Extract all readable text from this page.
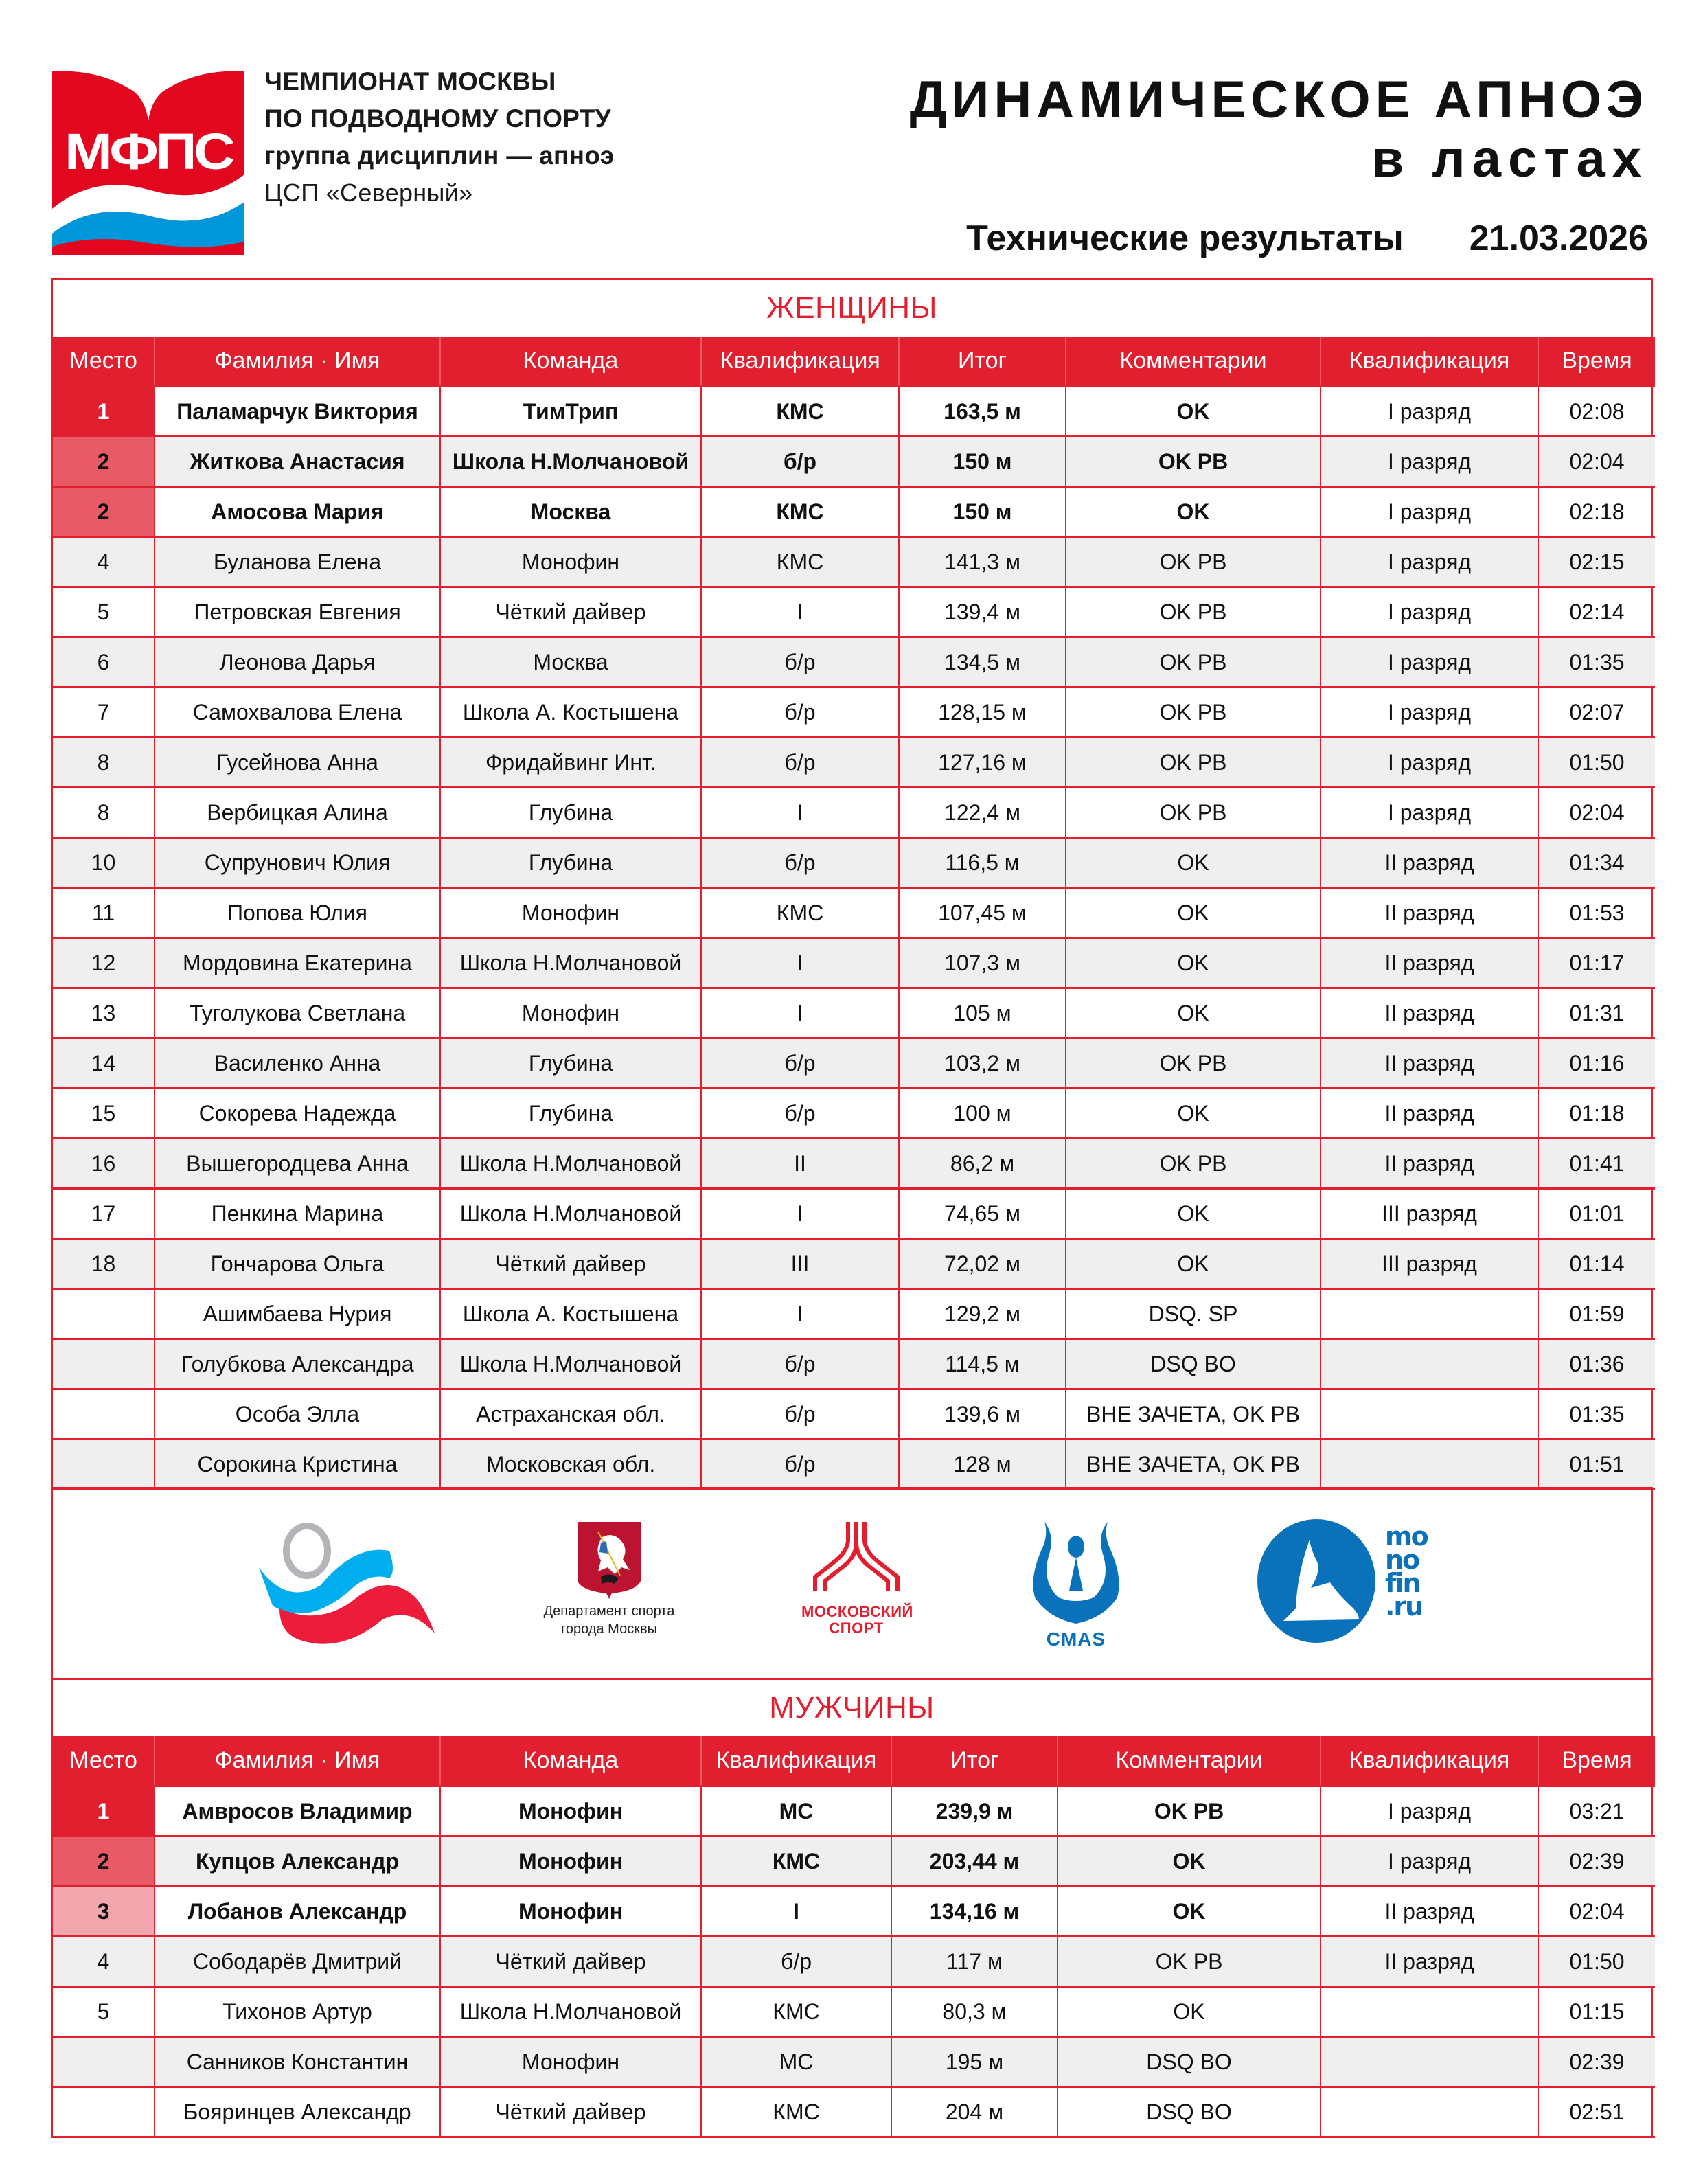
МФПС
ЧЕМПИОНАТ МОСКВЫ
ПО ПОДВОДНОМУ СПОРТУ
группа дисциплин — апноэ
ЦСП «Северный»
ДИНАМИЧЕСКОЕ АПНОЭ
в ластах
Технические результаты 21.03.2026
ЖЕНЩИНЫ
Место	Фамилия · Имя	Команда	Квалификация	Итог	Комментарии	Квалификация	Время
1	Паламарчук Виктория	ТимТрип	КМС	163,5 м	OK	I разряд	02:08
2	Житкова Анастасия	Школа Н.Молчановой	б/р	150 м	OK PB	I разряд	02:04
2	Амосова Мария	Москва	КМС	150 м	OK	I разряд	02:18
4	Буланова Елена	Монофин	КМС	141,3 м	OK PB	I разряд	02:15
5	Петровская Евгения	Чёткий дайвер	I	139,4 м	OK PB	I разряд	02:14
6	Леонова Дарья	Москва	б/р	134,5 м	OK PB	I разряд	01:35
7	Самохвалова Елена	Школа А. Костышена	б/р	128,15 м	OK PB	I разряд	02:07
8	Гусейнова Анна	Фридайвинг Инт.	б/р	127,16 м	OK PB	I разряд	01:50
8	Вербицкая Алина	Глубина	I	122,4 м	OK PB	I разряд	02:04
10	Супрунович Юлия	Глубина	б/р	116,5 м	OK	II разряд	01:34
11	Попова Юлия	Монофин	КМС	107,45 м	OK	II разряд	01:53
12	Мордовина Екатерина	Школа Н.Молчановой	I	107,3 м	OK	II разряд	01:17
13	Туголукова Светлана	Монофин	I	105 м	OK	II разряд	01:31
14	Василенко Анна	Глубина	б/р	103,2 м	OK PB	II разряд	01:16
15	Сокорева Надежда	Глубина	б/р	100 м	OK	II разряд	01:18
16	Вышегородцева Анна	Школа Н.Молчановой	II	86,2 м	OK PB	II разряд	01:41
17	Пенкина Марина	Школа Н.Молчановой	I	74,65 м	OK	III разряд	01:01
18	Гончарова Ольга	Чёткий дайвер	III	72,02 м	OK	III разряд	01:14
	Ашимбаева Нурия	Школа А. Костышена	I	129,2 м	DSQ. SP		01:59
	Голубкова Александра	Школа Н.Молчановой	б/р	114,5 м	DSQ BO		01:36
	Особа Элла	Астраханская обл.	б/р	139,6 м	ВНЕ ЗАЧЕТА, OK PB		01:35
	Сорокина Кристина	Московская обл.	б/р	128 м	ВНЕ ЗАЧЕТА, OK PB		01:51
Департамент спорта
города Москвы
МОСКОВСКИЙ
СПОРТ
CMAS
mo
no
fin
.ru
МУЖЧИНЫ
Место	Фамилия · Имя	Команда	Квалификация	Итог	Комментарии	Квалификация	Время
1	Амвросов Владимир	Монофин	МС	239,9 м	OK PB	I разряд	03:21
2	Купцов Александр	Монофин	КМС	203,44 м	OK	I разряд	02:39
3	Лобанов Александр	Монофин	I	134,16 м	OK	II разряд	02:04
4	Сободарёв Дмитрий	Чёткий дайвер	б/р	117 м	OK PB	II разряд	01:50
5	Тихонов Артур	Школа Н.Молчановой	КМС	80,3 м	OK		01:15
	Санников Константин	Монофин	МС	195 м	DSQ BO		02:39
	Бояринцев Александр	Чёткий дайвер	КМС	204 м	DSQ BO		02:51
